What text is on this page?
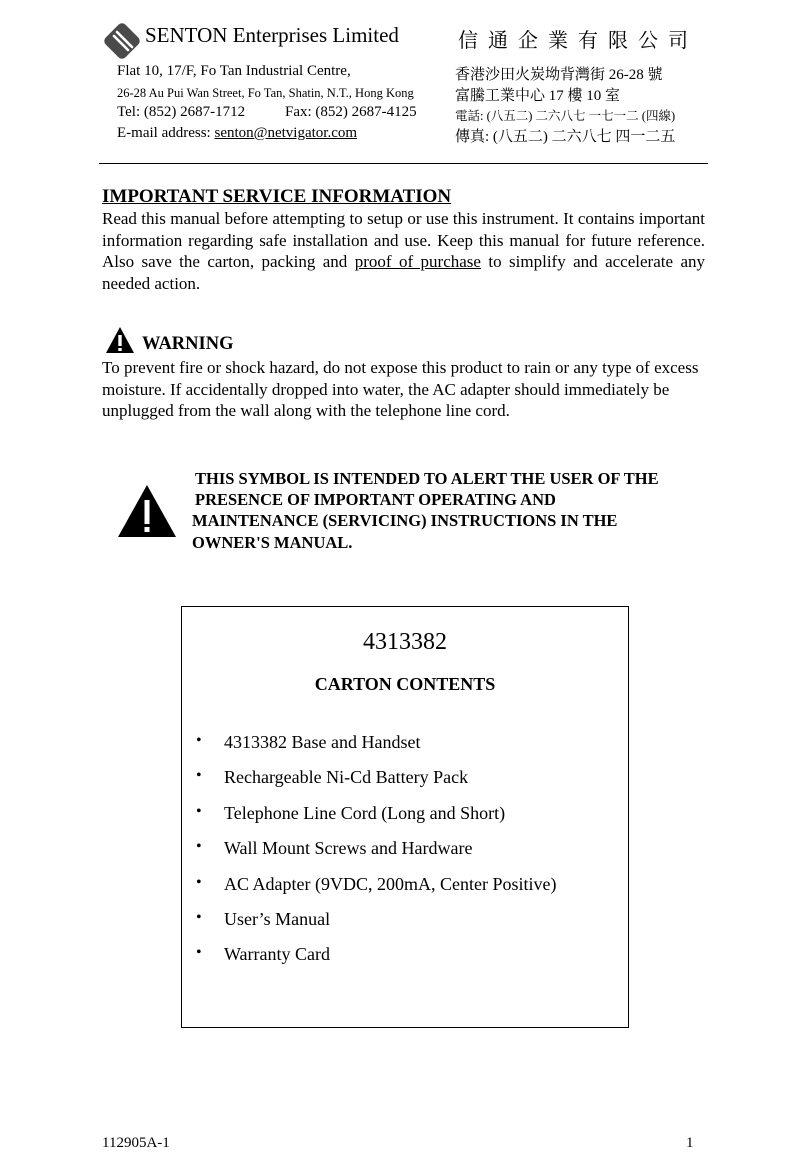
SENTON Enterprises Limited	信通企業有限公司
Flat 10, 17/F, Fo Tan Industrial Centre,
26-28 Au Pui Wan Street, Fo Tan, Shatin, N.T., Hong Kong
Tel: (852) 2687-1712	Fax: (852) 2687-4125
E-mail address: senton@netvigator.com
香港沙田火炭坳背灣街 26-28 號
富騰工業中心 17 樓 10 室
電話: (八五二) 二六八七 一七一二 (四線)
傳真: (八五二) 二六八七 四一二五
IMPORTANT SERVICE INFORMATION
Read this manual before attempting to setup or use this instrument. It contains important information regarding safe installation and use. Keep this manual for future reference. Also save the carton, packing and proof of purchase to simplify and accelerate any needed action.
WARNING
To prevent fire or shock hazard, do not expose this product to rain or any type of excess moisture. If accidentally dropped into water, the AC adapter should immediately be unplugged from the wall along with the telephone line cord.
THIS SYMBOL IS INTENDED TO ALERT THE USER OF THE
PRESENCE OF IMPORTANT OPERATING AND
MAINTENANCE (SERVICING) INSTRUCTIONS IN THE
OWNER'S MANUAL.
4313382
CARTON CONTENTS
• 4313382 Base and Handset
• Rechargeable Ni-Cd Battery Pack
• Telephone Line Cord (Long and Short)
• Wall Mount Screws and Hardware
• AC Adapter (9VDC, 200mA, Center Positive)
• User’s Manual
• Warranty Card
112905A-1	1
